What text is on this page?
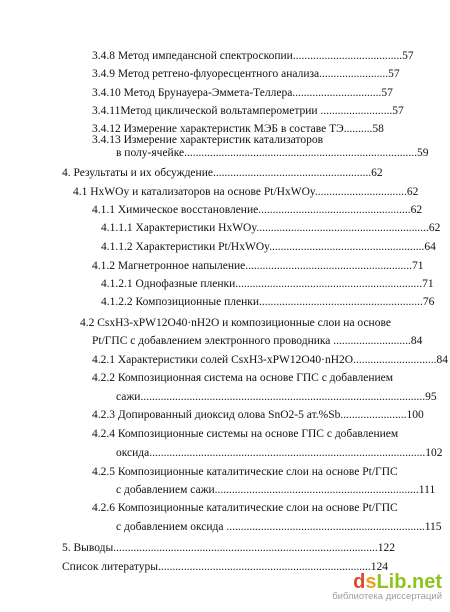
3.4.8 Метод импедансной спектроскопии......................................57
3.4.9 Метод ретгено-флуоресцентного анализа........................57
3.4.10 Метод Брунауера-Эммета-Теллера...............................57
3.4.11Метод циклической вольтамперометрии .........................57
3.4.12 Измерение характеристик МЭБ в составе ТЭ..........58
3.4.13 Измерение характеристик катализаторов
в полу-ячейке.................................................................................59
4. Результаты и их обсуждение.......................................................62
4.1 HxWOy и катализаторов на основе Pt/HxWOy................................62
4.1.1 Химическое восстановление.....................................................62
4.1.1.1 Характеристики HxWOy............................................................62
4.1.1.2 Характеристики Pt/HxWOy......................................................64
4.1.2 Магнетронное напыление..........................................................71
4.1.2.1 Однофазные пленки.................................................................71
4.1.2.2 Композиционные пленки.........................................................76
4.2 CsxH3-xPW12O40·nH2O и композиционные слои на основе
Pt/ГПС с добавлением электронного проводника ...........................84
4.2.1 Характеристики солей CsxH3-xPW12O40·nH2O.............................84
4.2.2 Композиционная система на основе ГПС с добавлением
сажи...................................................................................................95
4.2.3 Допированный диоксид олова SnO2-5 ат.%Sb.......................100
4.2.4 Композиционные системы на основе ГПС с добавлением
оксида................................................................................................102
4.2.5 Композиционные каталитические слои на основе Pt/ГПС
с добавлением сажи.......................................................................111
4.2.6 Композиционные каталитические слои на основе Pt/ГПС
с добавлением оксида .....................................................................115
5. Выводы............................................................................................122
Список литературы..........................................................................124
dsLib.net
библиотека диссертаций
